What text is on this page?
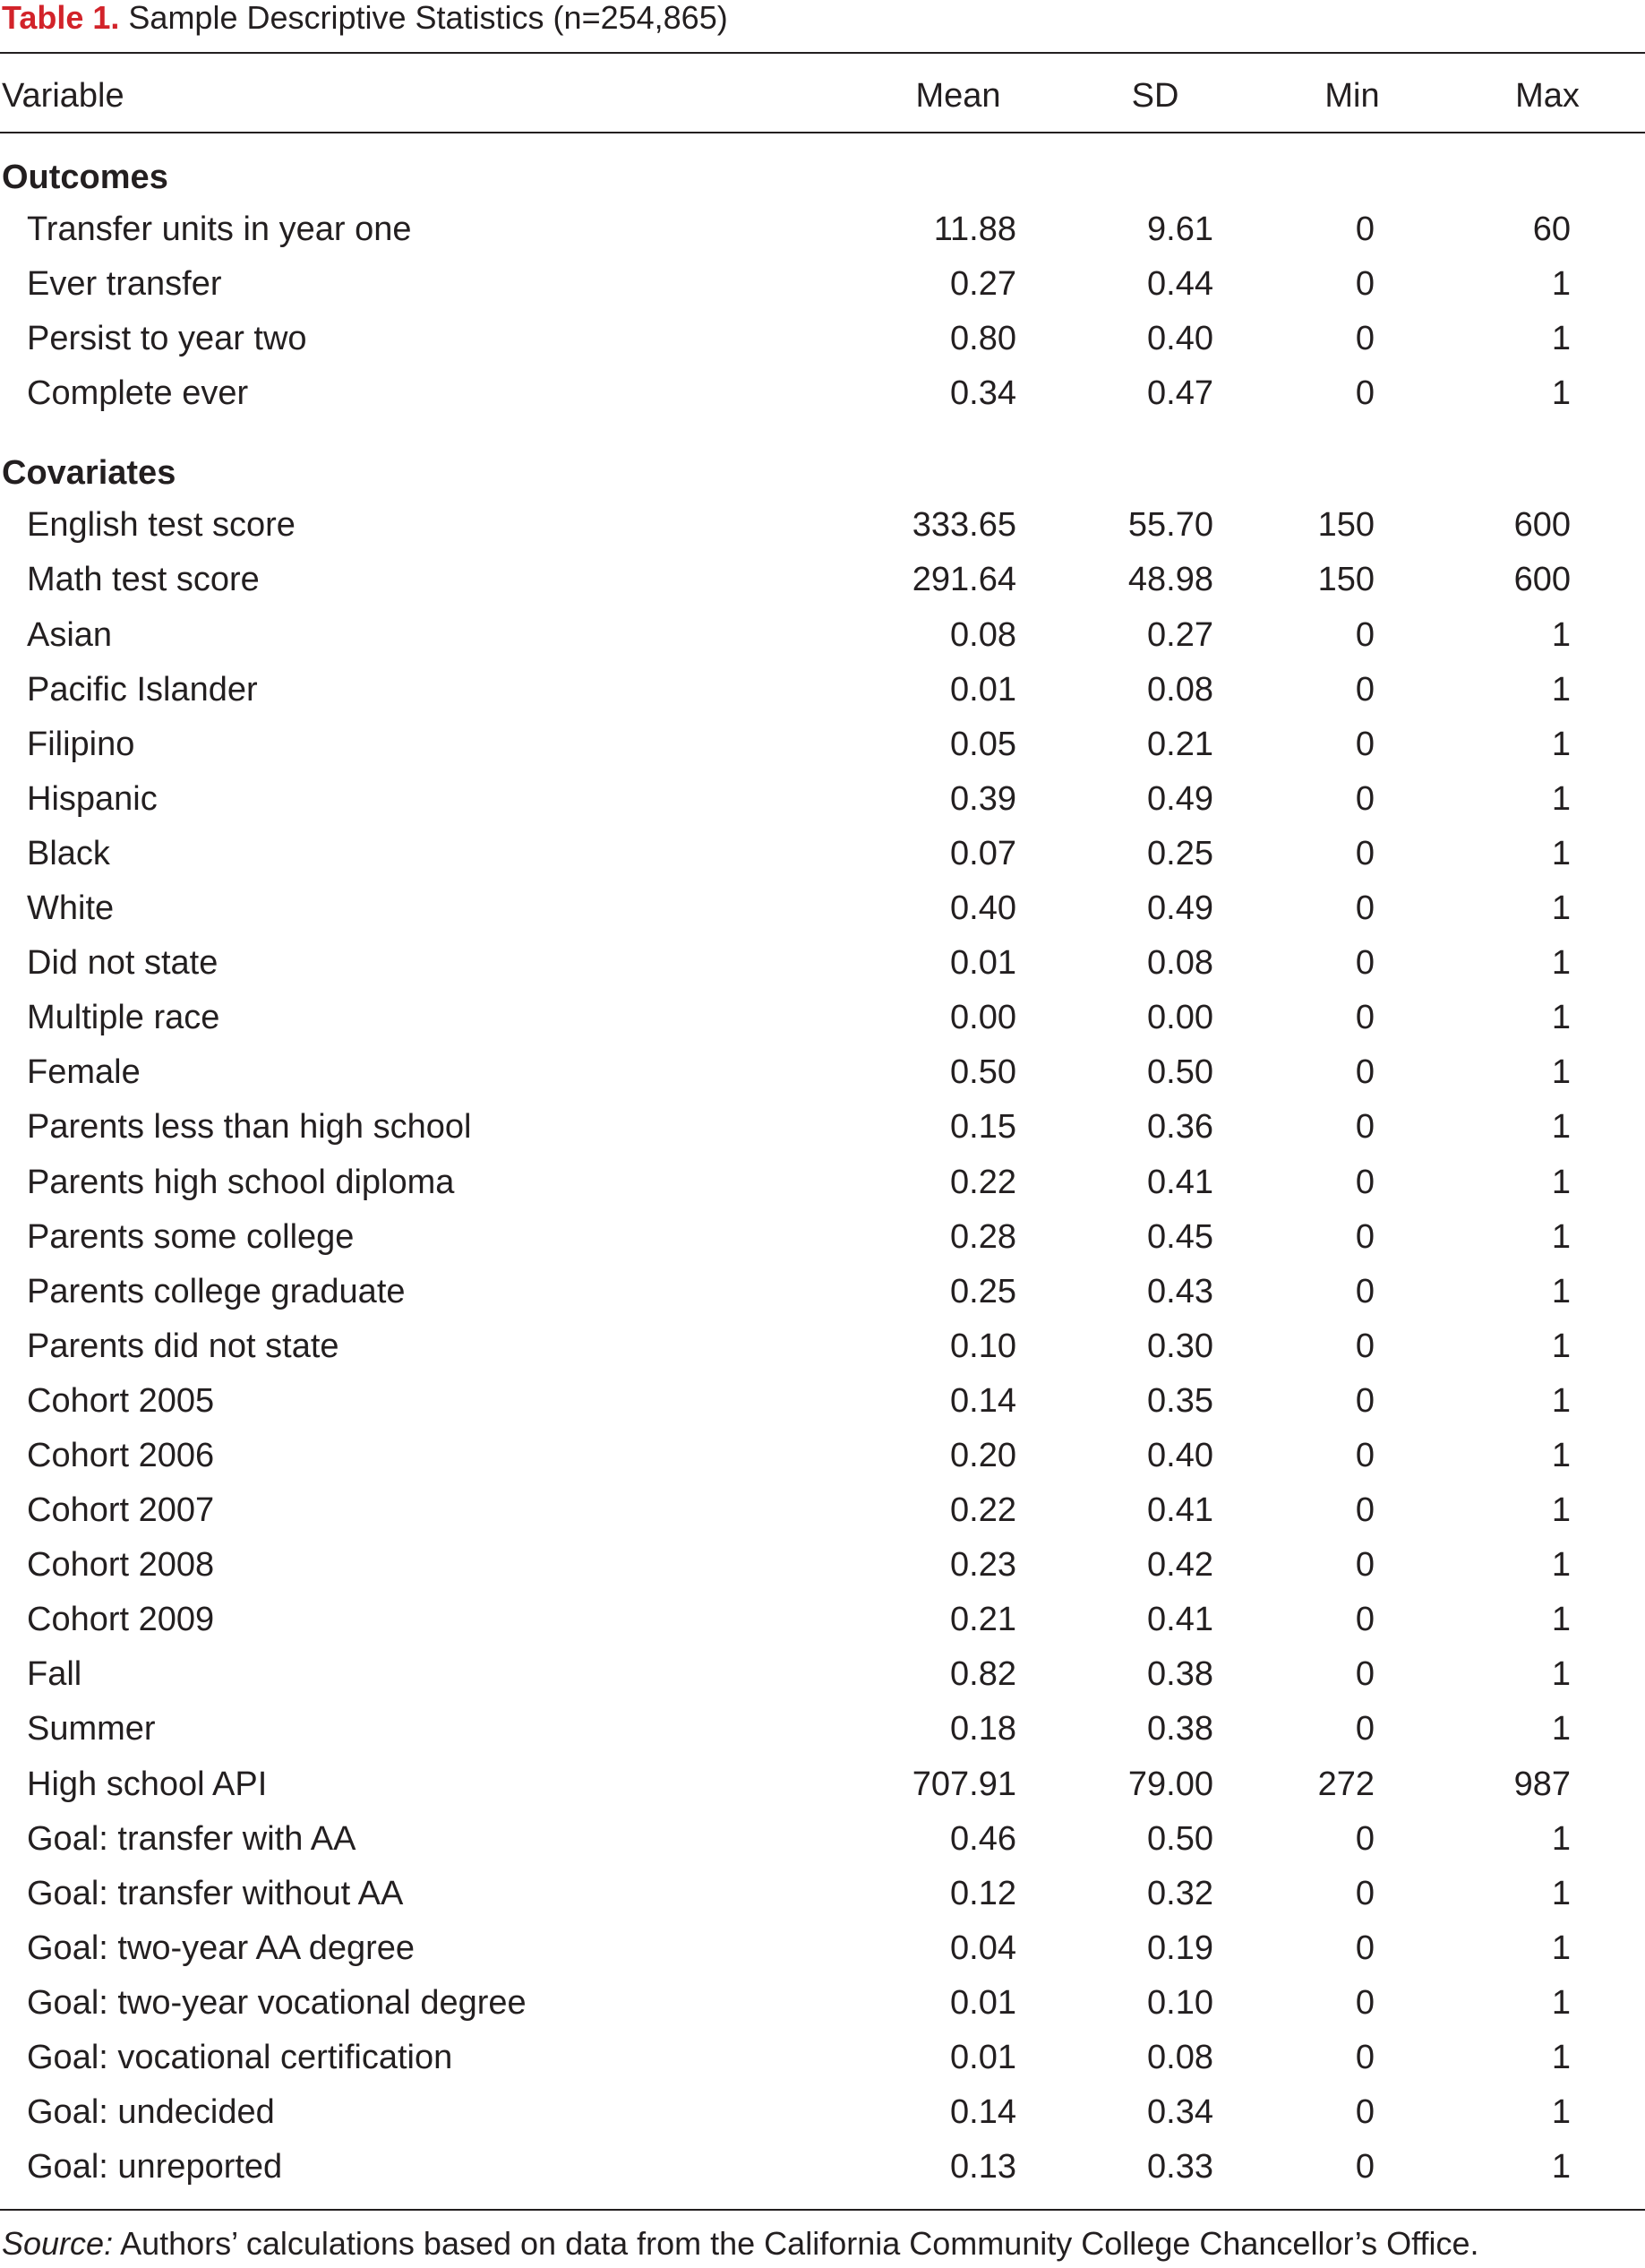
Table 1. Sample Descriptive Statistics (n=254,865)
Variable	Mean	SD	Min	Max
Outcomes
Transfer units in year one	11.88	9.61	0	60
Ever transfer	0.27	0.44	0	1
Persist to year two	0.80	0.40	0	1
Complete ever	0.34	0.47	0	1
Covariates
English test score	333.65	55.70	150	600
Math test score	291.64	48.98	150	600
Asian	0.08	0.27	0	1
Pacific Islander	0.01	0.08	0	1
Filipino	0.05	0.21	0	1
Hispanic	0.39	0.49	0	1
Black	0.07	0.25	0	1
White	0.40	0.49	0	1
Did not state	0.01	0.08	0	1
Multiple race	0.00	0.00	0	1
Female	0.50	0.50	0	1
Parents less than high school	0.15	0.36	0	1
Parents high school diploma	0.22	0.41	0	1
Parents some college	0.28	0.45	0	1
Parents college graduate	0.25	0.43	0	1
Parents did not state	0.10	0.30	0	1
Cohort 2005	0.14	0.35	0	1
Cohort 2006	0.20	0.40	0	1
Cohort 2007	0.22	0.41	0	1
Cohort 2008	0.23	0.42	0	1
Cohort 2009	0.21	0.41	0	1
Fall	0.82	0.38	0	1
Summer	0.18	0.38	0	1
High school API	707.91	79.00	272	987
Goal: transfer with AA	0.46	0.50	0	1
Goal: transfer without AA	0.12	0.32	0	1
Goal: two-year AA degree	0.04	0.19	0	1
Goal: two-year vocational degree	0.01	0.10	0	1
Goal: vocational certification	0.01	0.08	0	1
Goal: undecided	0.14	0.34	0	1
Goal: unreported	0.13	0.33	0	1
Source: Authors’ calculations based on data from the California Community College Chancellor’s Office.
